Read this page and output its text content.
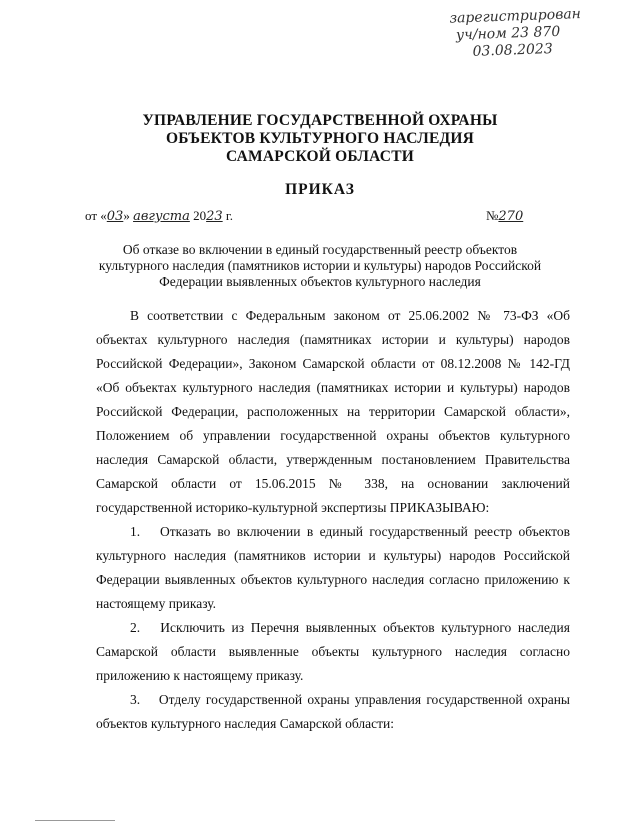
зарегистрирован
уч/ном 23 870
03.08.2023
УПРАВЛЕНИЕ ГОСУДАРСТВЕННОЙ ОХРАНЫ
ОБЪЕКТОВ КУЛЬТУРНОГО НАСЛЕДИЯ
САМАРСКОЙ ОБЛАСТИ
ПРИКАЗ
от «03» августа 2023 г.	№270
Об отказе во включении в единый государственный реестр объектов
культурного наследия (памятников истории и культуры) народов Российской
Федерации выявленных объектов культурного наследия

В соответствии с Федеральным законом от 25.06.2002 № 73-ФЗ «Об объектах культурного наследия (памятниках истории и культуры) народов Российской Федерации», Законом Самарской области от 08.12.2008 № 142-ГД «Об объектах культурного наследия (памятниках истории и культуры) народов Российской Федерации, расположенных на территории Самарской области», Положением об управлении государственной охраны объектов культурного наследия Самарской области, утвержденным постановлением Правительства Самарской области от 15.06.2015 № 338, на основании заключений государственной историко-культурной экспертизы ПРИКАЗЫВАЮ:

1.  Отказать во включении в единый государственный реестр объектов культурного наследия (памятников истории и культуры) народов Российской Федерации выявленных объектов культурного наследия согласно приложению к настоящему приказу.

2.  Исключить из Перечня выявленных объектов культурного наследия Самарской области выявленные объекты культурного наследия согласно приложению к настоящему приказу.

3.  Отделу государственной охраны управления государственной охраны объектов культурного наследия Самарской области:
